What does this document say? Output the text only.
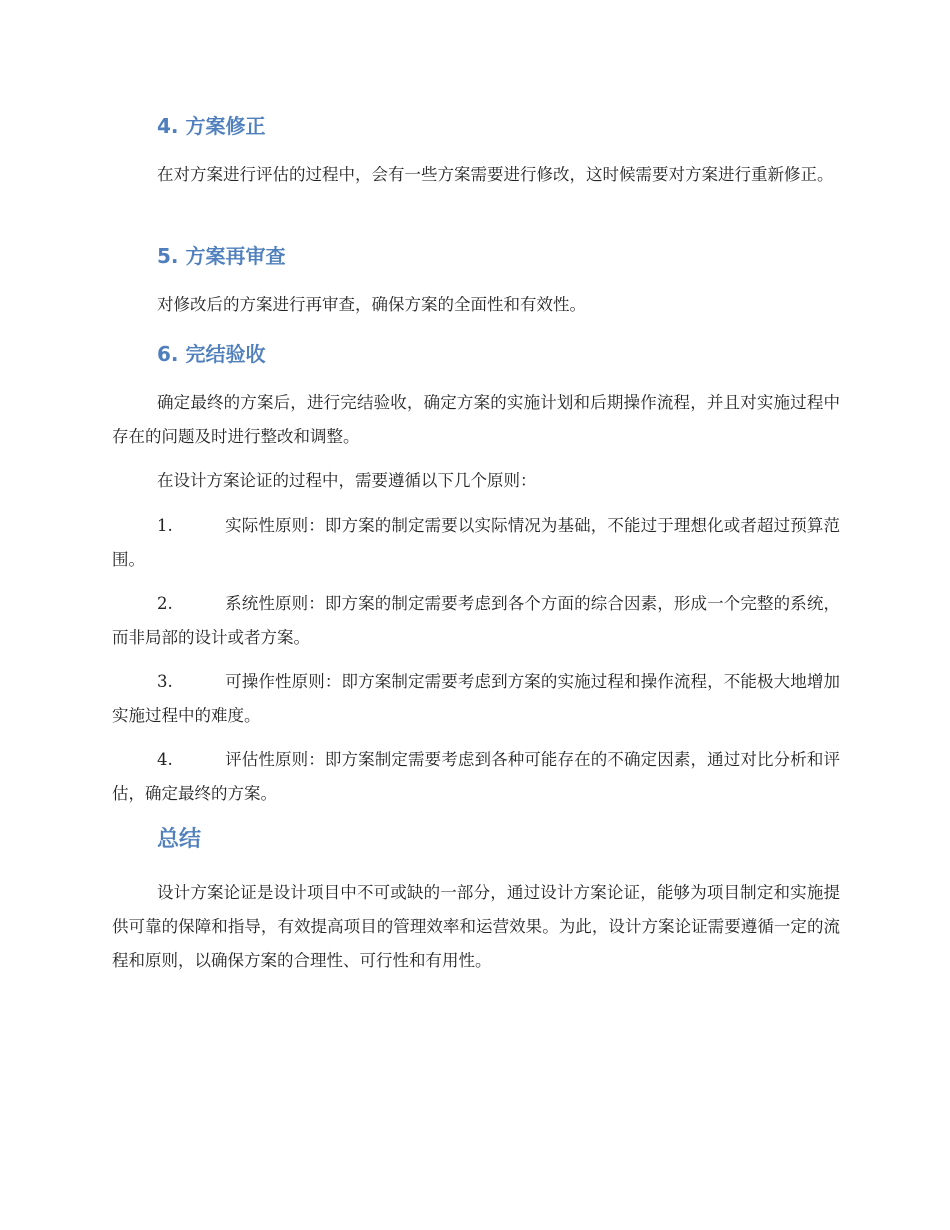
4. 方案修正

在对方案进行评估的过程中，会有一些方案需要进行修改，这时候需要对方案进行重新修正。

5. 方案再审查

对修改后的方案进行再审查，确保方案的全面性和有效性。

6. 完结验收

确定最终的方案后，进行完结验收，确定方案的实施计划和后期操作流程，并且对实施过程中存在的问题及时进行整改和调整。

在设计方案论证的过程中，需要遵循以下几个原则：

1.	实际性原则：即方案的制定需要以实际情况为基础，不能过于理想化或者超过预算范围。

2.	系统性原则：即方案的制定需要考虑到各个方面的综合因素，形成一个完整的系统，而非局部的设计或者方案。

3.	可操作性原则：即方案制定需要考虑到方案的实施过程和操作流程，不能极大地增加实施过程中的难度。

4.	评估性原则：即方案制定需要考虑到各种可能存在的不确定因素，通过对比分析和评估，确定最终的方案。

总结

设计方案论证是设计项目中不可或缺的一部分，通过设计方案论证，能够为项目制定和实施提供可靠的保障和指导，有效提高项目的管理效率和运营效果。为此，设计方案论证需要遵循一定的流程和原则，以确保方案的合理性、可行性和有用性。
